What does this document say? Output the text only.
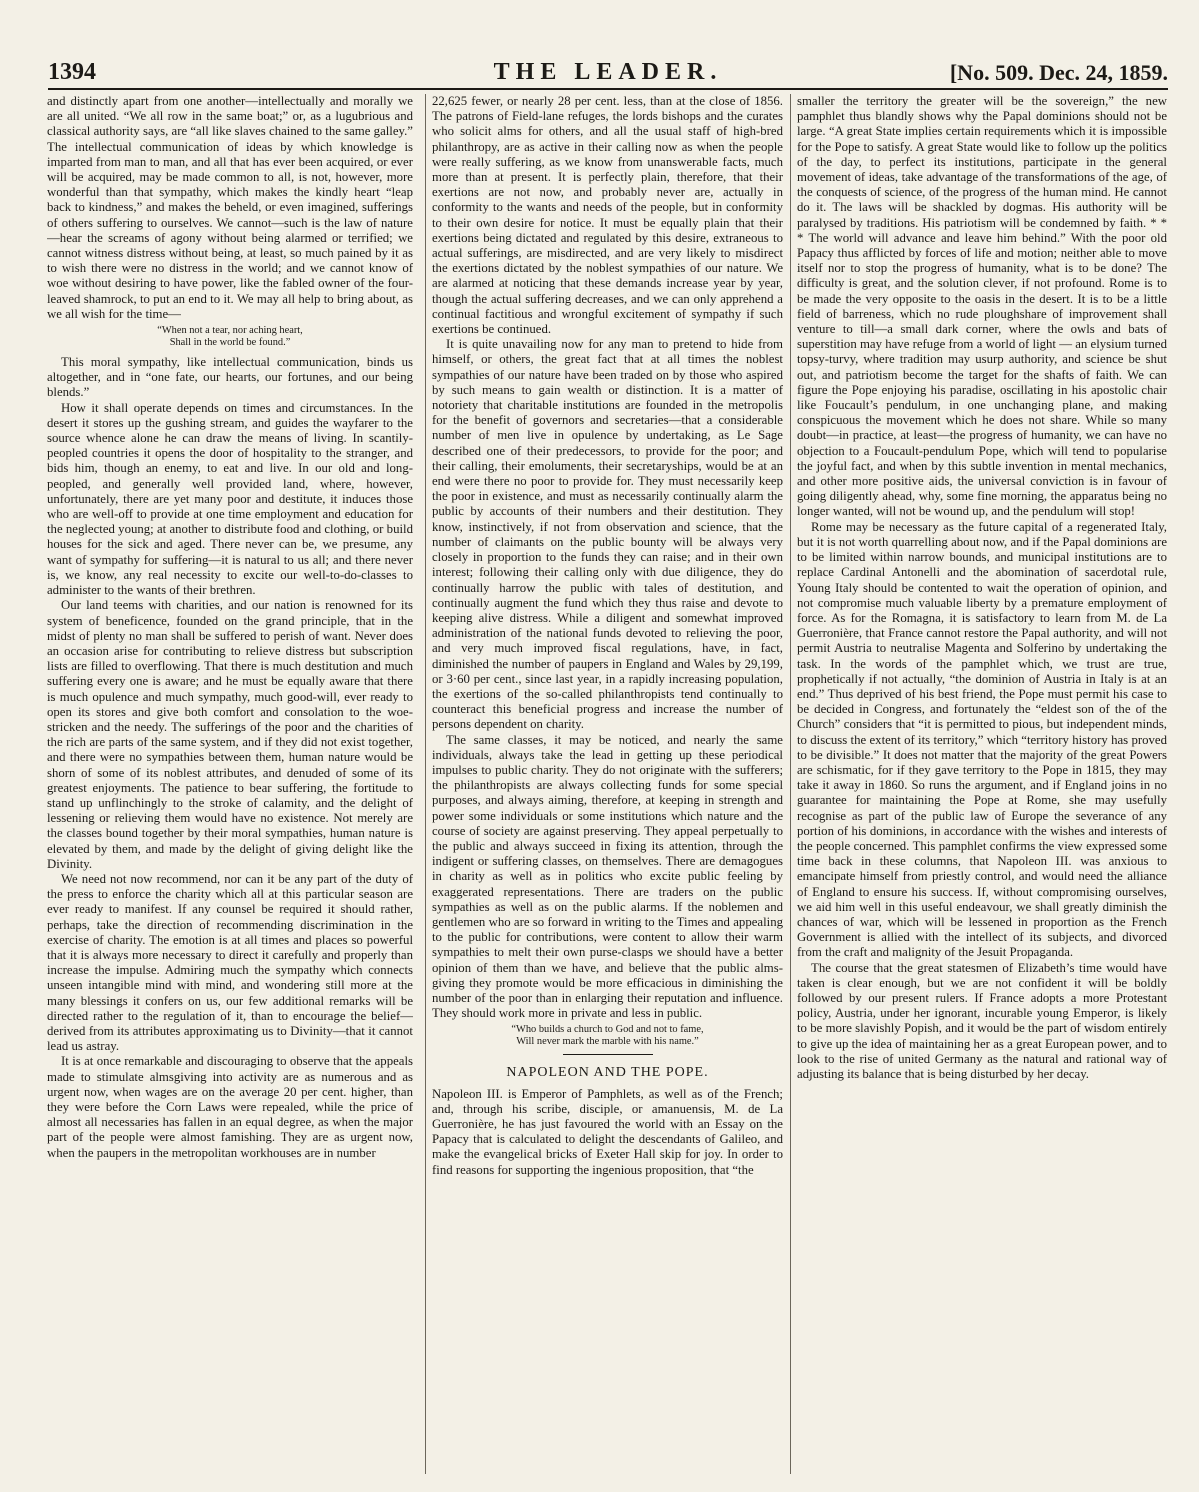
1394	THE LEADER.	[No. 509. Dec. 24, 1859.

and distinctly apart from one another—intellectually and morally we are all united. “We all row in the same boat;” or, as a lugubrious and classical authority says, are “all like slaves chained to the same galley.” The intellectual communication of ideas by which knowledge is imparted from man to man, and all that has ever been acquired, or ever will be acquired, may be made common to all, is not, however, more wonderful than that sympathy, which makes the kindly heart “leap back to kindness,” and makes the beheld, or even imagined, sufferings of others suffering to ourselves. We cannot—such is the law of nature—hear the screams of agony without being alarmed or terrified; we cannot witness distress without being, at least, so much pained by it as to wish there were no distress in the world; and we cannot know of woe without desiring to have power, like the fabled owner of the four-leaved shamrock, to put an end to it. We may all help to bring about, as we all wish for the time—

“When not a tear, nor aching heart,
Shall in the world be found.”

This moral sympathy, like intellectual communication, binds us altogether, and in “one fate, our hearts, our fortunes, and our being blends.”

How it shall operate depends on times and circumstances. In the desert it stores up the gushing stream, and guides the wayfarer to the source whence alone he can draw the means of living. In scantily-peopled countries it opens the door of hospitality to the stranger, and bids him, though an enemy, to eat and live. In our old and long-peopled, and generally well provided land, where, however, unfortunately, there are yet many poor and destitute, it induces those who are well-off to provide at one time employment and education for the neglected young; at another to distribute food and clothing, or build houses for the sick and aged. There never can be, we presume, any want of sympathy for suffering—it is natural to us all; and there never is, we know, any real necessity to excite our well-to-do-classes to administer to the wants of their brethren.

Our land teems with charities, and our nation is renowned for its system of beneficence, founded on the grand principle, that in the midst of plenty no man shall be suffered to perish of want. Never does an occasion arise for contributing to relieve distress but subscription lists are filled to overflowing. That there is much destitution and much suffering every one is aware; and he must be equally aware that there is much opulence and much sympathy, much good-will, ever ready to open its stores and give both comfort and consolation to the woe-stricken and the needy. The sufferings of the poor and the charities of the rich are parts of the same system, and if they did not exist together, and there were no sympathies between them, human nature would be shorn of some of its noblest attributes, and denuded of some of its greatest enjoyments. The patience to bear suffering, the fortitude to stand up unflinchingly to the stroke of calamity, and the delight of lessening or relieving them would have no existence. Not merely are the classes bound together by their moral sympathies, human nature is elevated by them, and made by the delight of giving delight like the Divinity.

We need not now recommend, nor can it be any part of the duty of the press to enforce the charity which all at this particular season are ever ready to manifest. If any counsel be required it should rather, perhaps, take the direction of recommending discrimination in the exercise of charity. The emotion is at all times and places so powerful that it is always more necessary to direct it carefully and properly than increase the impulse. Admiring much the sympathy which connects unseen intangible mind with mind, and wondering still more at the many blessings it confers on us, our few additional remarks will be directed rather to the regulation of it, than to encourage the belief—derived from its attributes approximating us to Divinity—that it cannot lead us astray.

It is at once remarkable and discouraging to observe that the appeals made to stimulate almsgiving into activity are as numerous and as urgent now, when wages are on the average 20 per cent. higher, than they were before the Corn Laws were repealed, while the price of almost all necessaries has fallen in an equal degree, as when the major part of the people were almost famishing. They are as urgent now, when the paupers in the metropolitan workhouses are in number

22,625 fewer, or nearly 28 per cent. less, than at the close of 1856. The patrons of Field-lane refuges, the lords bishops and the curates who solicit alms for others, and all the usual staff of high-bred philanthropy, are as active in their calling now as when the people were really suffering, as we know from unanswerable facts, much more than at present. It is perfectly plain, therefore, that their exertions are not now, and probably never are, actually in conformity to the wants and needs of the people, but in conformity to their own desire for notice. It must be equally plain that their exertions being dictated and regulated by this desire, extraneous to actual sufferings, are misdirected, and are very likely to misdirect the exertions dictated by the noblest sympathies of our nature. We are alarmed at noticing that these demands increase year by year, though the actual suffering decreases, and we can only apprehend a continual factitious and wrongful excitement of sympathy if such exertions be continued.

It is quite unavailing now for any man to pretend to hide from himself, or others, the great fact that at all times the noblest sympathies of our nature have been traded on by those who aspired by such means to gain wealth or distinction. It is a matter of notoriety that charitable institutions are founded in the metropolis for the benefit of governors and secretaries—that a considerable number of men live in opulence by undertaking, as Le Sage described one of their predecessors, to provide for the poor; and their calling, their emoluments, their secretaryships, would be at an end were there no poor to provide for. They must necessarily keep the poor in existence, and must as necessarily continually alarm the public by accounts of their numbers and their destitution. They know, instinctively, if not from observation and science, that the number of claimants on the public bounty will be always very closely in proportion to the funds they can raise; and in their own interest; following their calling only with due diligence, they do continually harrow the public with tales of destitution, and continually augment the fund which they thus raise and devote to keeping alive distress. While a diligent and somewhat improved administration of the national funds devoted to relieving the poor, and very much improved fiscal regulations, have, in fact, diminished the number of paupers in England and Wales by 29,199, or 3·60 per cent., since last year, in a rapidly increasing population, the exertions of the so-called philanthropists tend continually to counteract this beneficial progress and increase the number of persons dependent on charity.

The same classes, it may be noticed, and nearly the same individuals, always take the lead in getting up these periodical impulses to public charity. They do not originate with the sufferers; the philanthropists are always collecting funds for some special purposes, and always aiming, therefore, at keeping in strength and power some individuals or some institutions which nature and the course of society are against preserving. They appeal perpetually to the public and always succeed in fixing its attention, through the indigent or suffering classes, on themselves. There are demagogues in charity as well as in politics who excite public feeling by exaggerated representations. There are traders on the public sympathies as well as on the public alarms. If the noblemen and gentlemen who are so forward in writing to the Times and appealing to the public for contributions, were content to allow their warm sympathies to melt their own purse-clasps we should have a better opinion of them than we have, and believe that the public alms-giving they promote would be more efficacious in diminishing the number of the poor than in enlarging their reputation and influence. They should work more in private and less in public.

“Who builds a church to God and not to fame,
Will never mark the marble with his name.”
NAPOLEON AND THE POPE.

Napoleon III. is Emperor of Pamphlets, as well as of the French; and, through his scribe, disciple, or amanuensis, M. de La Guerronière, he has just favoured the world with an Essay on the Papacy that is calculated to delight the descendants of Galileo, and make the evangelical bricks of Exeter Hall skip for joy. In order to find reasons for supporting the ingenious proposition, that “the

smaller the territory the greater will be the sovereign,” the new pamphlet thus blandly shows why the Papal dominions should not be large. “A great State implies certain requirements which it is impossible for the Pope to satisfy. A great State would like to follow up the politics of the day, to perfect its institutions, participate in the general movement of ideas, take advantage of the transformations of the age, of the conquests of science, of the progress of the human mind. He cannot do it. The laws will be shackled by dogmas. His authority will be paralysed by traditions. His patriotism will be condemned by faith. * * * The world will advance and leave him behind.” With the poor old Papacy thus afflicted by forces of life and motion; neither able to move itself nor to stop the progress of humanity, what is to be done? The difficulty is great, and the solution clever, if not profound. Rome is to be made the very opposite to the oasis in the desert. It is to be a little field of barreness, which no rude ploughshare of improvement shall venture to till—a small dark corner, where the owls and bats of superstition may have refuge from a world of light — an elysium turned topsy-turvy, where tradition may usurp authority, and science be shut out, and patriotism become the target for the shafts of faith. We can figure the Pope enjoying his paradise, oscillating in his apostolic chair like Foucault’s pendulum, in one unchanging plane, and making conspicuous the movement which he does not share. While so many doubt—in practice, at least—the progress of humanity, we can have no objection to a Foucault-pendulum Pope, which will tend to popularise the joyful fact, and when by this subtle invention in mental mechanics, and other more positive aids, the universal conviction is in favour of going diligently ahead, why, some fine morning, the apparatus being no longer wanted, will not be wound up, and the pendulum will stop!

Rome may be necessary as the future capital of a regenerated Italy, but it is not worth quarrelling about now, and if the Papal dominions are to be limited within narrow bounds, and municipal institutions are to replace Cardinal Antonelli and the abomination of sacerdotal rule, Young Italy should be contented to wait the operation of opinion, and not compromise much valuable liberty by a premature employment of force. As for the Romagna, it is satisfactory to learn from M. de La Guerronière, that France cannot restore the Papal authority, and will not permit Austria to neutralise Magenta and Solferino by undertaking the task. In the words of the pamphlet which, we trust are true, prophetically if not actually, “the dominion of Austria in Italy is at an end.” Thus deprived of his best friend, the Pope must permit his case to be decided in Congress, and fortunately the “eldest son of the of the Church” considers that “it is permitted to pious, but independent minds, to discuss the extent of its territory,” which “territory history has proved to be divisible.” It does not matter that the majority of the great Powers are schismatic, for if they gave territory to the Pope in 1815, they may take it away in 1860. So runs the argument, and if England joins in no guarantee for maintaining the Pope at Rome, she may usefully recognise as part of the public law of Europe the severance of any portion of his dominions, in accordance with the wishes and interests of the people concerned. This pamphlet confirms the view expressed some time back in these columns, that Napoleon III. was anxious to emancipate himself from priestly control, and would need the alliance of England to ensure his success. If, without compromising ourselves, we aid him well in this useful endeavour, we shall greatly diminish the chances of war, which will be lessened in proportion as the French Government is allied with the intellect of its subjects, and divorced from the craft and malignity of the Jesuit Propaganda.

The course that the great statesmen of Elizabeth’s time would have taken is clear enough, but we are not confident it will be boldly followed by our present rulers. If France adopts a more Protestant policy, Austria, under her ignorant, incurable young Emperor, is likely to be more slavishly Popish, and it would be the part of wisdom entirely to give up the idea of maintaining her as a great European power, and to look to the rise of united Germany as the natural and rational way of adjusting its balance that is being disturbed by her decay.
